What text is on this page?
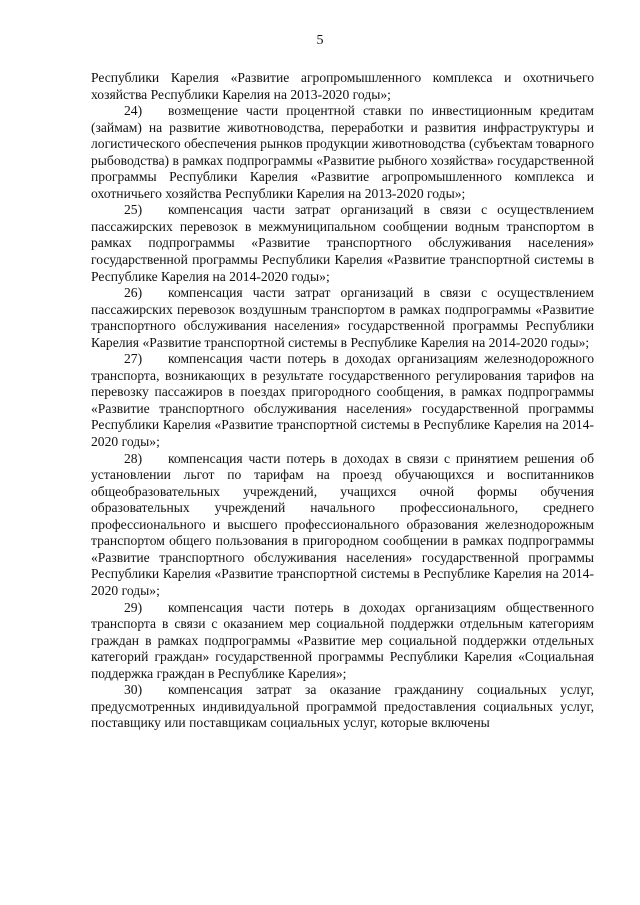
5

Республики Карелия «Развитие агропромышленного комплекса и охотничьего хозяйства Республики Карелия на 2013-2020 годы»;

24) возмещение части процентной ставки по инвестиционным кредитам (займам) на развитие животноводства, переработки и развития инфраструктуры и логистического обеспечения рынков продукции животноводства (субъектам товарного рыбоводства) в рамках подпрограммы «Развитие рыбного хозяйства» государственной программы Республики Карелия «Развитие агропромышленного комплекса и охотничьего хозяйства Республики Карелия на 2013-2020 годы»;

25) компенсация части затрат организаций в связи с осуществлением пассажирских перевозок в межмуниципальном сообщении водным транспортом в рамках подпрограммы «Развитие транспортного обслуживания населения» государственной программы Республики Карелия «Развитие транспортной системы в Республике Карелия на 2014-2020 годы»;

26) компенсация части затрат организаций в связи с осуществлением пассажирских перевозок воздушным транспортом в рамках подпрограммы «Развитие транспортного обслуживания населения» государственной программы Республики Карелия «Развитие транспортной системы в Республике Карелия на 2014-2020 годы»;

27) компенсация части потерь в доходах организациям железнодорожного транспорта, возникающих в результате государственного регулирования тарифов на перевозку пассажиров в поездах пригородного сообщения, в рамках подпрограммы «Развитие транспортного обслуживания населения» государственной программы Республики Карелия «Развитие транспортной системы в Республике Карелия на 2014-2020 годы»;

28) компенсация части потерь в доходах в связи с принятием решения об установлении льгот по тарифам на проезд обучающихся и воспитанников общеобразовательных учреждений, учащихся очной формы обучения образовательных учреждений начального профессионального, среднего профессионального и высшего профессионального образования железнодорожным транспортом общего пользования в пригородном сообщении в рамках подпрограммы «Развитие транспортного обслуживания населения» государственной программы Республики Карелия «Развитие транспортной системы в Республике Карелия на 2014-2020 годы»;

29) компенсация части потерь в доходах организациям общественного транспорта в связи с оказанием мер социальной поддержки отдельным категориям граждан в рамках подпрограммы «Развитие мер социальной поддержки отдельных категорий граждан» государственной программы Республики Карелия «Социальная поддержка граждан в Республике Карелия»;

30) компенсация затрат за оказание гражданину социальных услуг, предусмотренных индивидуальной программой предоставления социальных услуг, поставщику или поставщикам социальных услуг, которые включены
